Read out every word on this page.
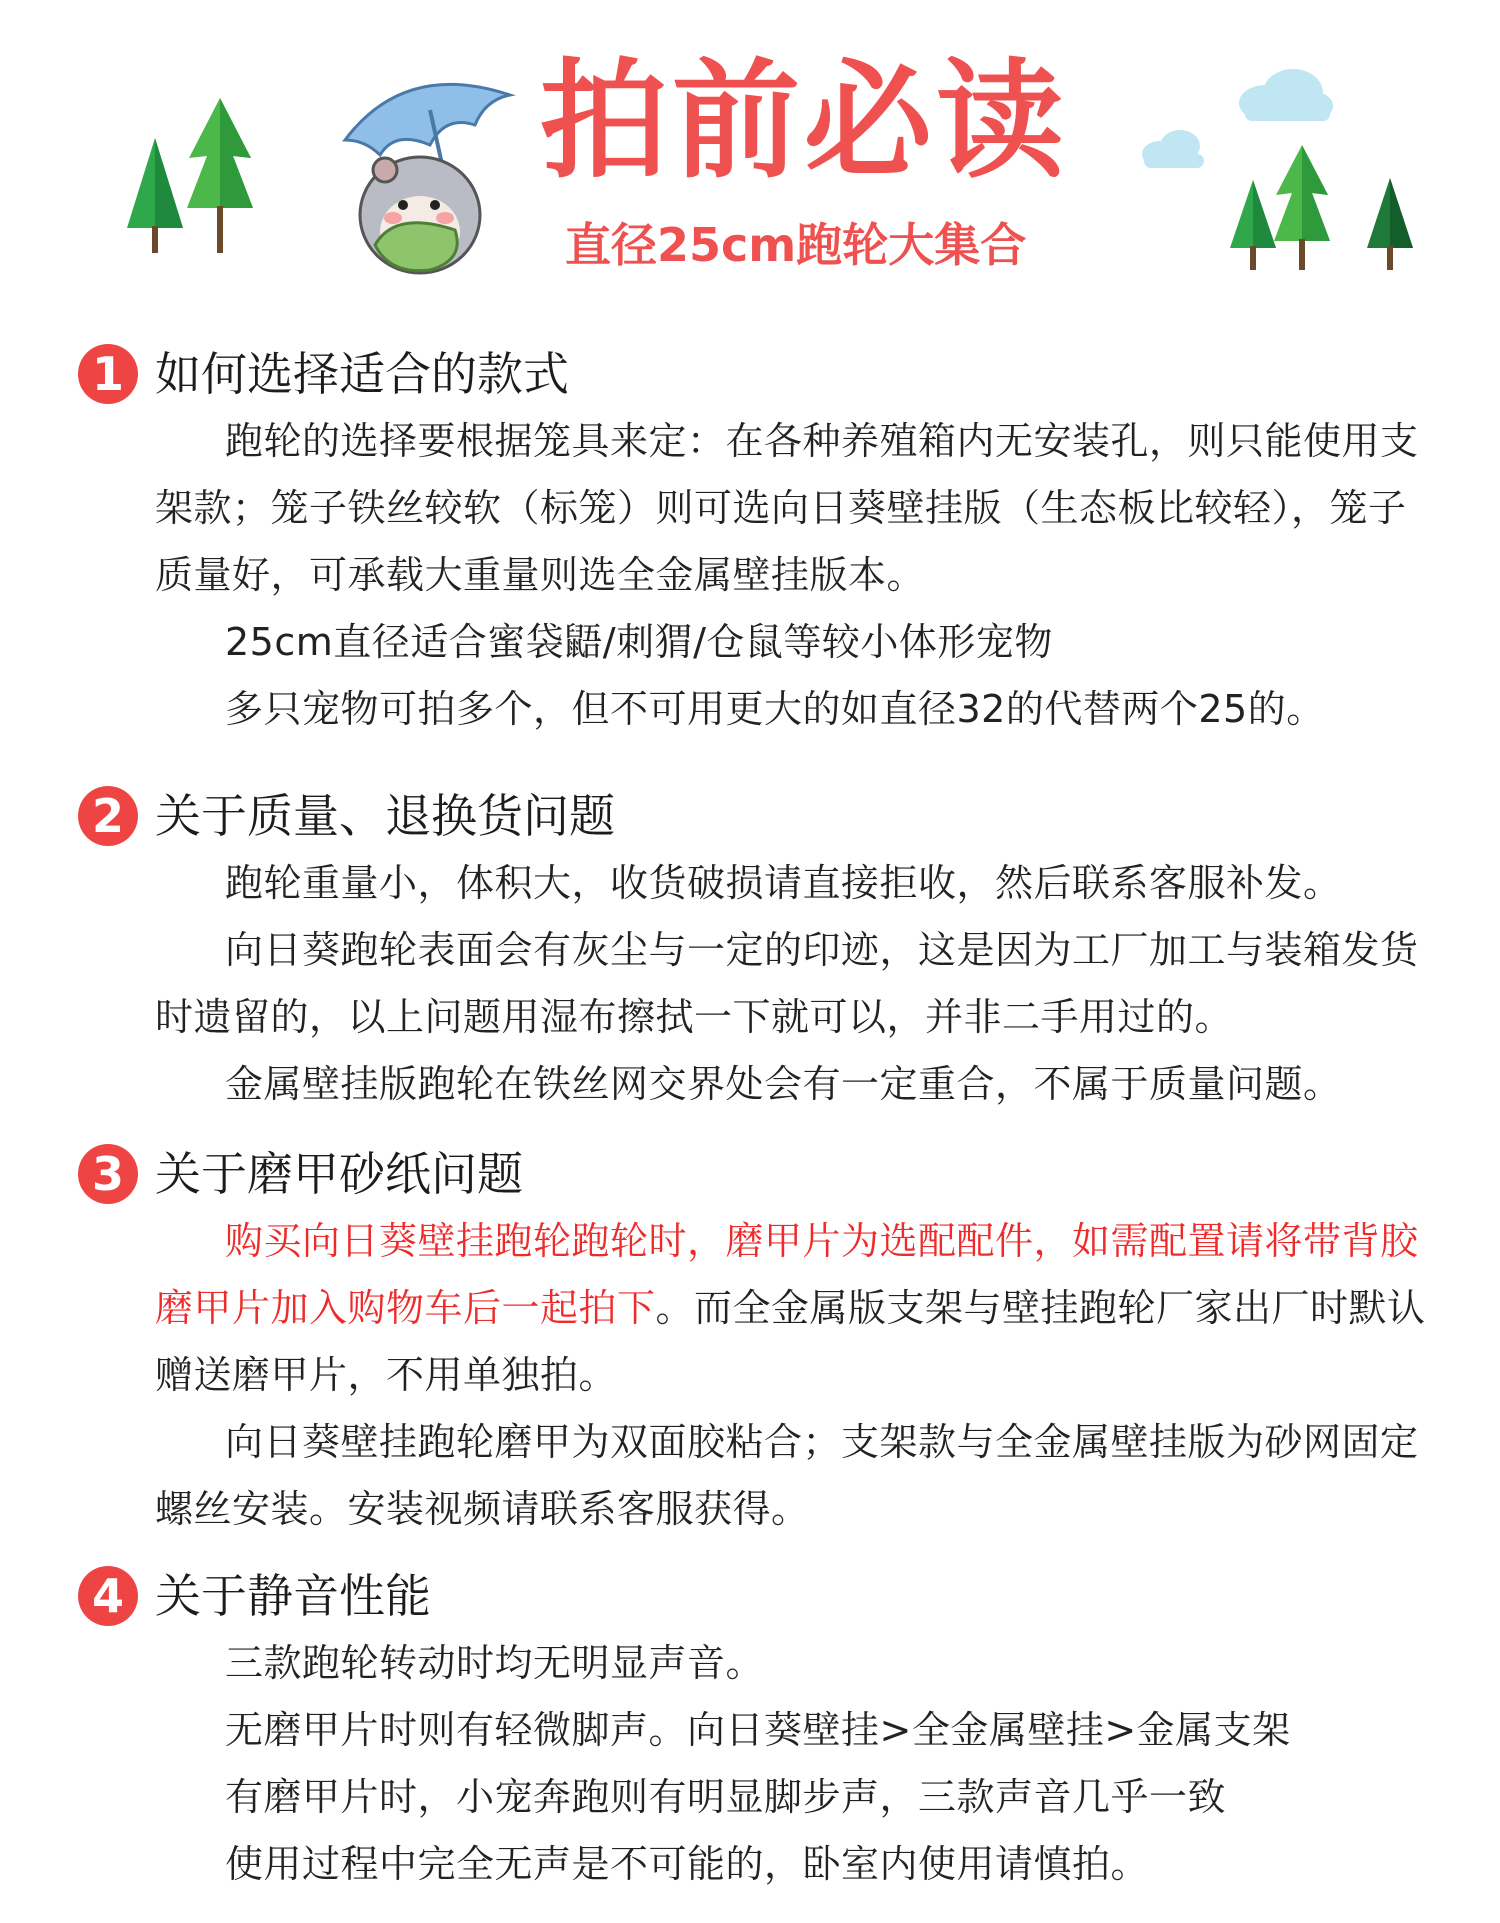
拍前必读
直径25cm跑轮大集合
1 如何选择适合的款式

跑轮的选择要根据笼具来定：在各种养殖箱内无安装孔，则只能使用支架款；笼子铁丝较软（标笼）则可选向日葵壁挂版（生态板比较轻），笼子质量好，可承载大重量则选全金属壁挂版本。

25cm直径适合蜜袋鼯/刺猬/仓鼠等较小体形宠物

多只宠物可拍多个，但不可用更大的如直径32的代替两个25的。

2 关于质量、退换货问题

跑轮重量小，体积大，收货破损请直接拒收，然后联系客服补发。

向日葵跑轮表面会有灰尘与一定的印迹，这是因为工厂加工与装箱发货时遗留的，以上问题用湿布擦拭一下就可以，并非二手用过的。

金属壁挂版跑轮在铁丝网交界处会有一定重合，不属于质量问题。

3 关于磨甲砂纸问题

购买向日葵壁挂跑轮跑轮时，磨甲片为选配配件，如需配置请将带背胶磨甲片加入购物车后一起拍下。而全金属版支架与壁挂跑轮厂家出厂时默认赠送磨甲片，不用单独拍。

向日葵壁挂跑轮磨甲为双面胶粘合；支架款与全金属壁挂版为砂网固定螺丝安装。安装视频请联系客服获得。

4 关于静音性能

三款跑轮转动时均无明显声音。

无磨甲片时则有轻微脚声。向日葵壁挂>全金属壁挂>金属支架

有磨甲片时，小宠奔跑则有明显脚步声，三款声音几乎一致

使用过程中完全无声是不可能的，卧室内使用请慎拍。
